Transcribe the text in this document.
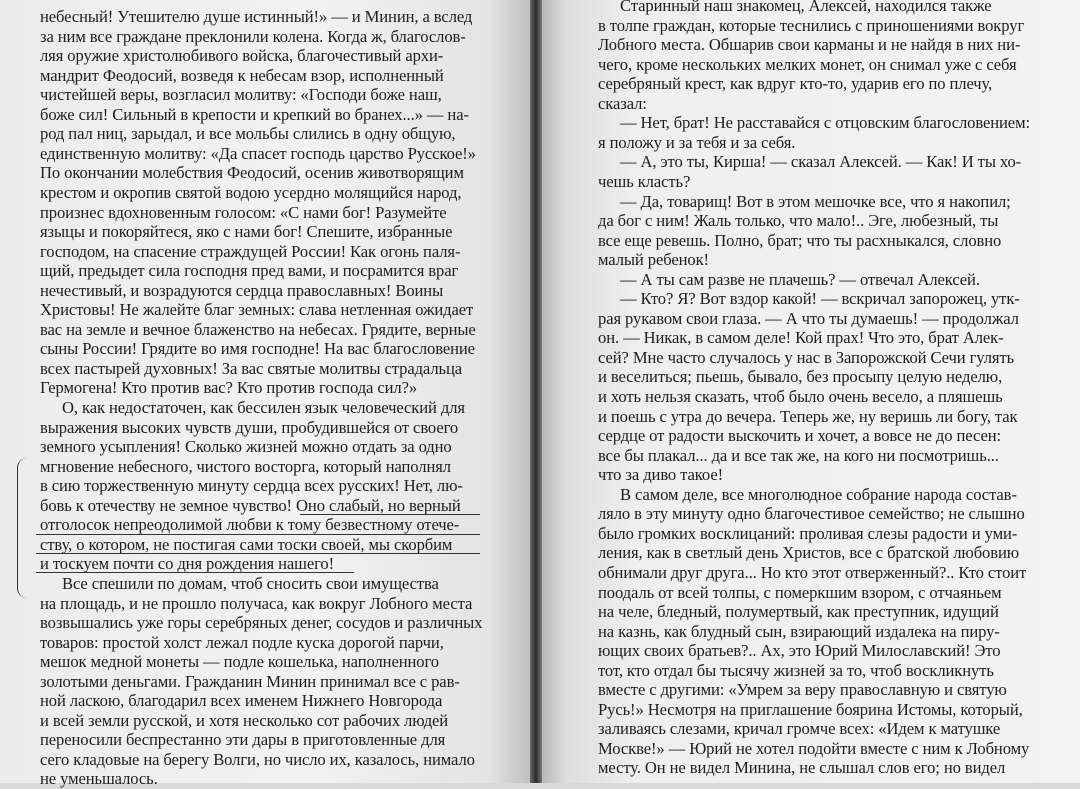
небесный! Утешителю душе истинный!» — и Минин, а вслед
за ним все граждане преклонили колена. Когда ж, благослов-
ляя оружие христолюбивого войска, благочестивый архи-
мандрит Феодосий, возведя к небесам взор, исполненный
чистейшей веры, возгласил молитву: «Господи боже наш,
боже сил! Сильный в крепости и крепкий во бранех...» — на-
род пал ниц, зарыдал, и все мольбы слились в одну общую,
единственную молитву: «Да спасет господь царство Русское!»
По окончании молебствия Феодосий, осенив животворящим
крестом и окропив святой водою усердно молящийся народ,
произнес вдохновенным голосом: «С нами бог! Разумейте
языцы и покоряйтеся, яко с нами бог! Спешите, избранные
господом, на спасение страждущей России! Как огонь паля-
щий, предыдет сила господня пред вами, и посрамится враг
нечестивый, и возрадуются сердца православных! Воины
Христовы! Не жалейте благ земных: слава нетленная ожидает
вас на земле и вечное блаженство на небесах. Грядите, верные
сыны России! Грядите во имя господне! На вас благословение
всех пастырей духовных! За вас святые молитвы страдальца
Гермогена! Кто против вас? Кто против господа сил?»
О, как недостаточен, как бессилен язык человеческий для
выражения высоких чувств души, пробудившейся от своего
земного усыпления! Сколько жизней можно отдать за одно
мгновение небесного, чистого восторга, который наполнял
в сию торжественную минуту сердца всех русских! Нет, лю-
бовь к отечеству не земное чувство! Оно слабый, но верный
отголосок непреодолимой любви к тому безвестному отече-
ству, о котором, не постигая сами тоски своей, мы скорбим
и тоскуем почти со дня рождения нашего!
Все спешили по домам, чтоб сносить свои имущества
на площадь, и не прошло получаса, как вокруг Лобного места
возвышались уже горы серебряных денег, сосудов и различных
товаров: простой холст лежал подле куска дорогой парчи,
мешок медной монеты — подле кошелька, наполненного
золотыми деньгами. Гражданин Минин принимал все с рав-
ной ласкою, благодарил всех именем Нижнего Новгорода
и всей земли русской, и хотя несколько сот рабочих людей
переносили беспрестанно эти дары в приготовленные для
сего кладовые на берегу Волги, но число их, казалось, нимало
не уменьшалось.
Старинный наш знакомец, Алексей, находился также
в толпе граждан, которые теснились с приношениями вокруг
Лобного места. Обшарив свои карманы и не найдя в них ни-
чего, кроме нескольких мелких монет, он снимал уже с себя
серебряный крест, как вдруг кто-то, ударив его по плечу,
сказал:
— Нет, брат! Не расставайся с отцовским благословением:
я положу и за тебя и за себя.
— А, это ты, Кирша! — сказал Алексей. — Как! И ты хо-
чешь класть?
— Да, товарищ! Вот в этом мешочке все, что я накопил;
да бог с ним! Жаль только, что мало!.. Эге, любезный, ты
все еще ревешь. Полно, брат; что ты расхныкался, словно
малый ребенок!
— А ты сам разве не плачешь? — отвечал Алексей.
— Кто? Я? Вот вздор какой! — вскричал запорожец, утк-
рая рукавом свои глаза. — А что ты думаешь! — продолжал
он. — Никак, в самом деле! Кой прах! Что это, брат Алек-
сей? Мне часто случалось у нас в Запорожской Сечи гулять
и веселиться; пьешь, бывало, без просыпу целую неделю,
и хоть нельзя сказать, чтоб было очень весело, а пляшешь
и поешь с утра до вечера. Теперь же, ну веришь ли богу, так
сердце от радости выскочить и хочет, а вовсе не до песен:
все бы плакал... да и все так же, на кого ни посмотришь...
что за диво такое!
В самом деле, все многолюдное собрание народа состав-
ляло в эту минуту одно благочестивое семейство; не слышно
было громких восклицаний: проливая слезы радости и уми-
ления, как в светлый день Христов, все с братской любовию
обнимали друг друга... Но кто этот отверженный?.. Кто стоит
поодаль от всей толпы, с померкшим взором, с отчаяньем
на челе, бледный, полумертвый, как преступник, идущий
на казнь, как блудный сын, взирающий издалека на пиру-
ющих своих братьев?.. Ах, это Юрий Милославский! Это
тот, кто отдал бы тысячу жизней за то, чтоб воскликнуть
вместе с другими: «Умрем за веру православную и святую
Русь!» Несмотря на приглашение боярина Истомы, который,
заливаясь слезами, кричал громче всех: «Идем к матушке
Москве!» — Юрий не хотел подойти вместе с ним к Лобному
месту. Он не видел Минина, не слышал слов его; но видел
